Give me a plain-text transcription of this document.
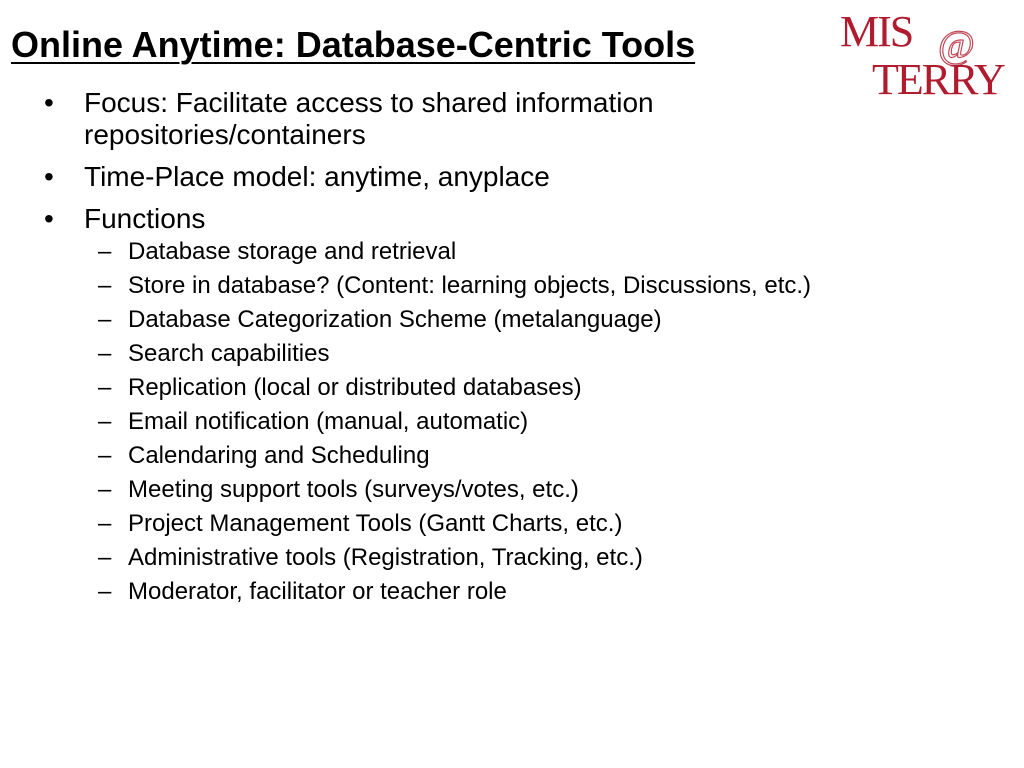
Online Anytime: Database-Centric Tools	MIS
TERRY
@
•	Focus: Facilitate access to shared information repositories/containers
•	Time-Place model: anytime, anyplace
•	Functions
– Database storage and retrieval
– Store in database? (Content: learning objects, Discussions, etc.)
– Database Categorization Scheme (metalanguage)
– Search capabilities
– Replication (local or distributed databases)
– Email notification (manual, automatic)
– Calendaring and Scheduling
– Meeting support tools (surveys/votes, etc.)
– Project Management Tools (Gantt Charts, etc.)
– Administrative tools (Registration, Tracking, etc.)
– Moderator, facilitator or teacher role
